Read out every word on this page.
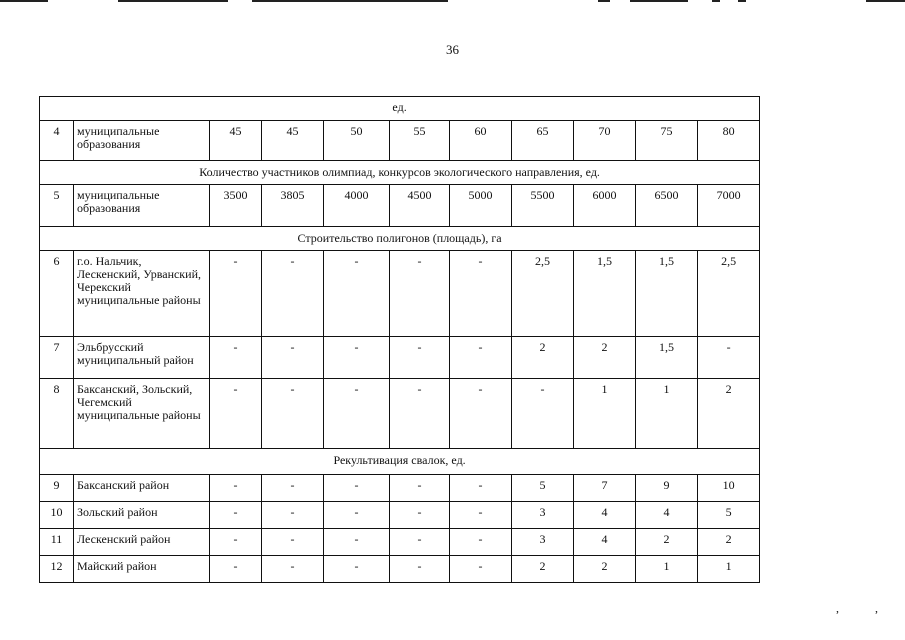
36
ед.										
4	муниципальные образования	45	45	50	55	60	65	70	75	80
Количество участников олимпиад, конкурсов экологического направления, ед.										
5	муниципальные образования	3500	3805	4000	4500	5000	5500	6000	6500	7000
Строительство полигонов (площадь), га										
6	г.о. Нальчик, Лескенский, Урванский, Черекский муниципальные районы	-	-	-	-	-	2,5	1,5	1,5	2,5
7	Эльбрусский муниципальный район	-	-	-	-	-	2	2	1,5	-
8	Баксанский, Зольский, Чегемский муниципальные районы	-	-	-	-	-	-	1	1	2
Рекультивация свалок, ед.										
9	Баксанский район	-	-	-	-	-	5	7	9	10
10	Зольский район	-	-	-	-	-	3	4	4	5
11	Лескенский район	-	-	-	-	-	3	4	2	2
12	Майский район	-	-	-	-	-	2	2	1	1
,	,
